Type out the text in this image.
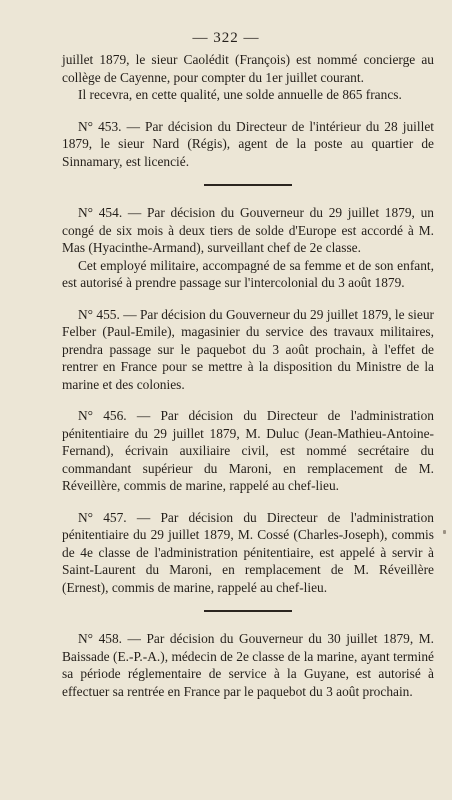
— 322 —

juillet 1879, le sieur Caolédit (François) est nommé concierge au collège de Cayenne, pour compter du 1er juillet courant.

Il recevra, en cette qualité, une solde annuelle de 865 francs.

N° 453. — Par décision du Directeur de l'intérieur du 28 juillet 1879, le sieur Nard (Régis), agent de la poste au quartier de Sinnamary, est licencié.

N° 454. — Par décision du Gouverneur du 29 juillet 1879, un congé de six mois à deux tiers de solde d'Europe est accordé à M. Mas (Hyacinthe-Armand), surveillant chef de 2e classe.

Cet employé militaire, accompagné de sa femme et de son enfant, est autorisé à prendre passage sur l'intercolonial du 3 août 1879.

N° 455. — Par décision du Gouverneur du 29 juillet 1879, le sieur Felber (Paul-Emile), magasinier du service des travaux militaires, prendra passage sur le paquebot du 3 août prochain, à l'effet de rentrer en France pour se mettre à la disposition du Ministre de la marine et des colonies.

N° 456. — Par décision du Directeur de l'administration pénitentiaire du 29 juillet 1879, M. Duluc (Jean-Mathieu-Antoine-Fernand), écrivain auxiliaire civil, est nommé secrétaire du commandant supérieur du Maroni, en remplacement de M. Réveillère, commis de marine, rappelé au chef-lieu.

N° 457. — Par décision du Directeur de l'administration pénitentiaire du 29 juillet 1879, M. Cossé (Charles-Joseph), commis de 4e classe de l'administration pénitentiaire, est appelé à servir à Saint-Laurent du Maroni, en remplacement de M. Réveillère (Ernest), commis de marine, rappelé au chef-lieu.

N° 458. — Par décision du Gouverneur du 30 juillet 1879, M. Baissade (E.-P.-A.), médecin de 2e classe de la marine, ayant terminé sa période réglementaire de service à la Guyane, est autorisé à effectuer sa rentrée en France par le paquebot du 3 août prochain.
